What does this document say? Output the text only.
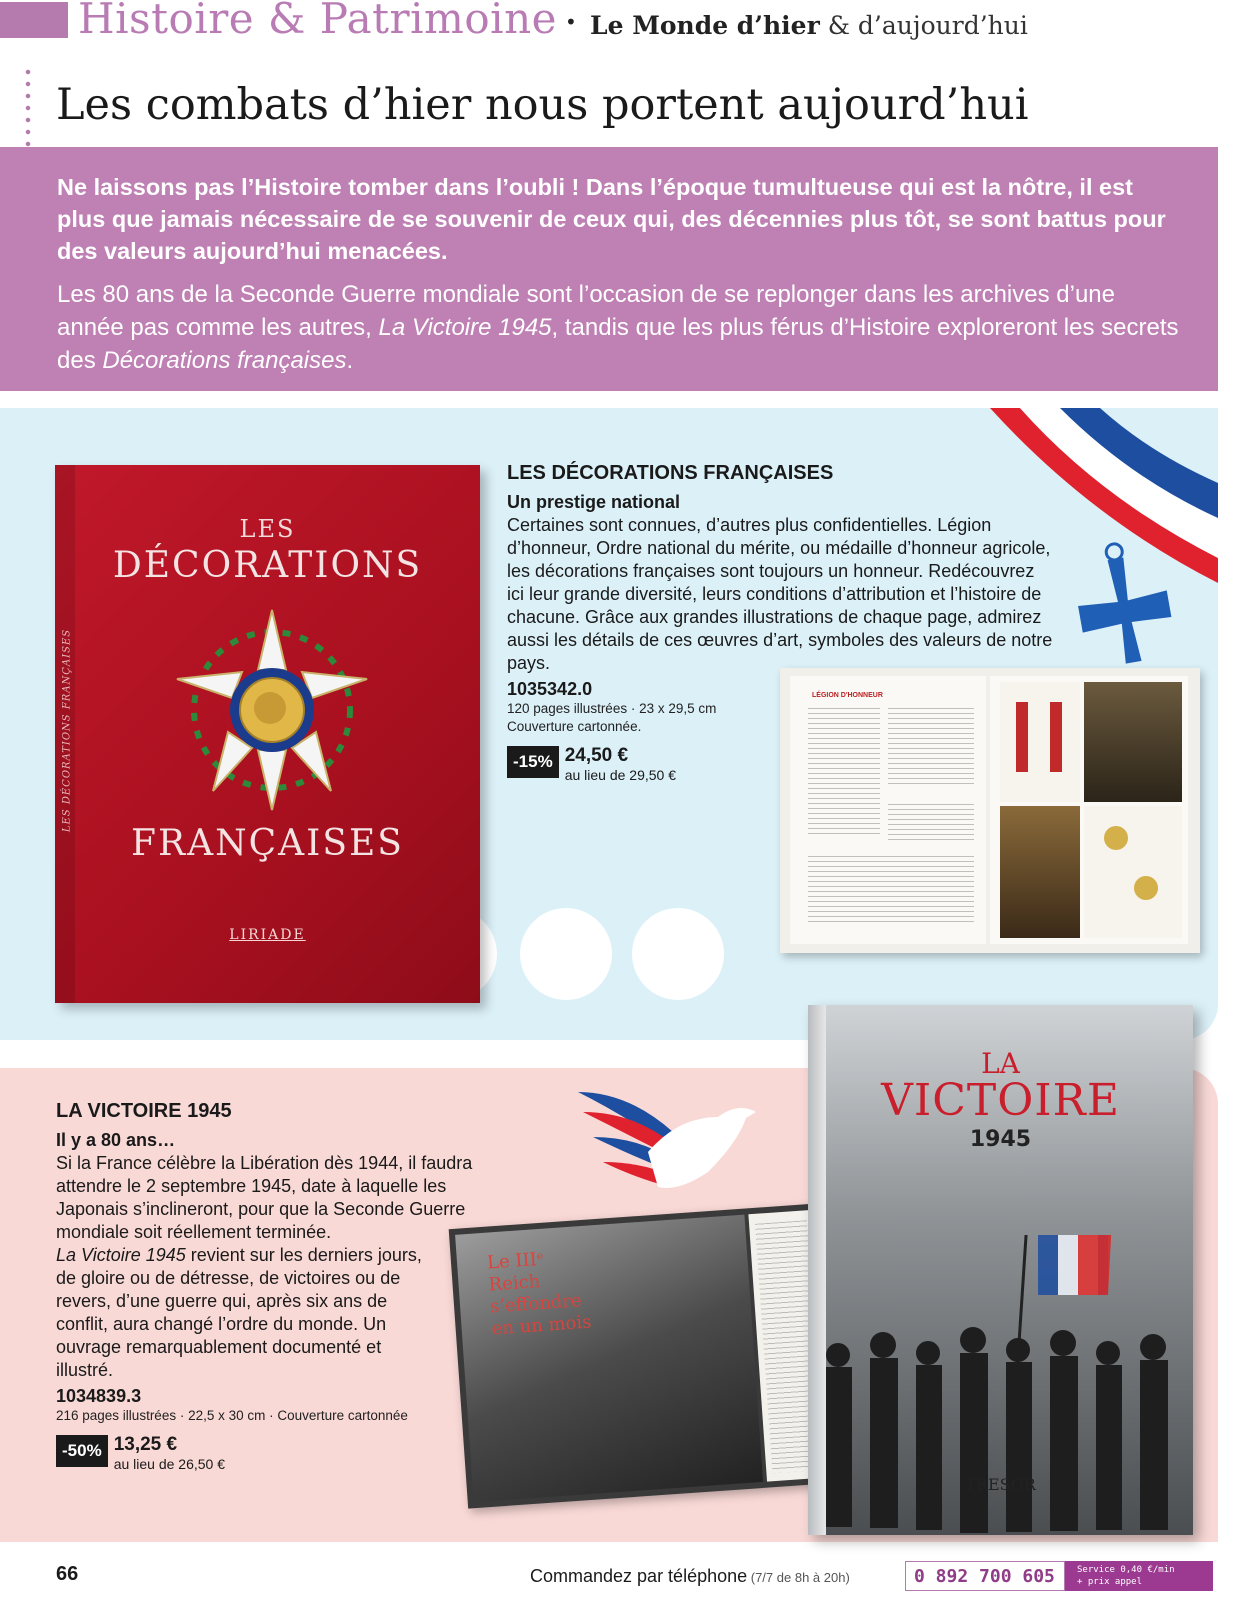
Histoire & Patrimoine • Le Monde d’hier & d’aujourd’hui
Les combats d’hier nous portent aujourd’hui
Ne laissons pas l’Histoire tomber dans l’oubli ! Dans l’époque tumultueuse qui est la nôtre, il est plus que jamais nécessaire de se souvenir de ceux qui, des décennies plus tôt, se sont battus pour des valeurs aujourd’hui menacées.
Les 80 ans de la Seconde Guerre mondiale sont l’occasion de se replonger dans les archives d’une année pas comme les autres, La Victoire 1945, tandis que les plus férus d’Histoire exploreront les secrets des Décorations françaises.
LES DÉCORATIONS FRANÇAISES
LES
DÉCORATIONS
FRANÇAISES
LIRIADE
LES DÉCORATIONS FRANÇAISES
Un prestige national
Certaines sont connues, d’autres plus confidentielles. Légion d’honneur, Ordre national du mérite, ou médaille d’honneur agricole, les décorations françaises sont toujours un honneur. Redécouvrez ici leur grande diversité, leurs conditions d’attribution et l’histoire de chacune. Grâce aux grandes illustrations de chaque page, admirez aussi les détails de ces œuvres d’art, symboles des valeurs de notre pays.
1035342.0
120 pages illustrées · 23 x 29,5 cm
Couverture cartonnée.
-15% 24,50 €
au lieu de 29,50 €
LÉGION D'HONNEUR
LA VICTOIRE 1945
Il y a 80 ans…
Si la France célèbre la Libération dès 1944, il faudra attendre le 2 septembre 1945, date à laquelle les Japonais s’inclineront, pour que la Seconde Guerre mondiale soit réellement terminée.
La Victoire 1945 revient sur les derniers jours, de gloire ou de détresse, de victoires ou de revers, d’une guerre qui, après six ans de conflit, aura changé l’ordre du monde. Un ouvrage remarquablement documenté et illustré.
1034839.3
216 pages illustrées · 22,5 x 30 cm · Couverture cartonnée
-50% 13,25 €
au lieu de 26,50 €
Le IIIᵉ Reich s’effondre en un mois
LA
VICTOIRE
1945
TRESOR
66	Commandez par téléphone (7/7 de 8h à 20h)	0 892 700 605	Service 0,40 €/min
+ prix appel
